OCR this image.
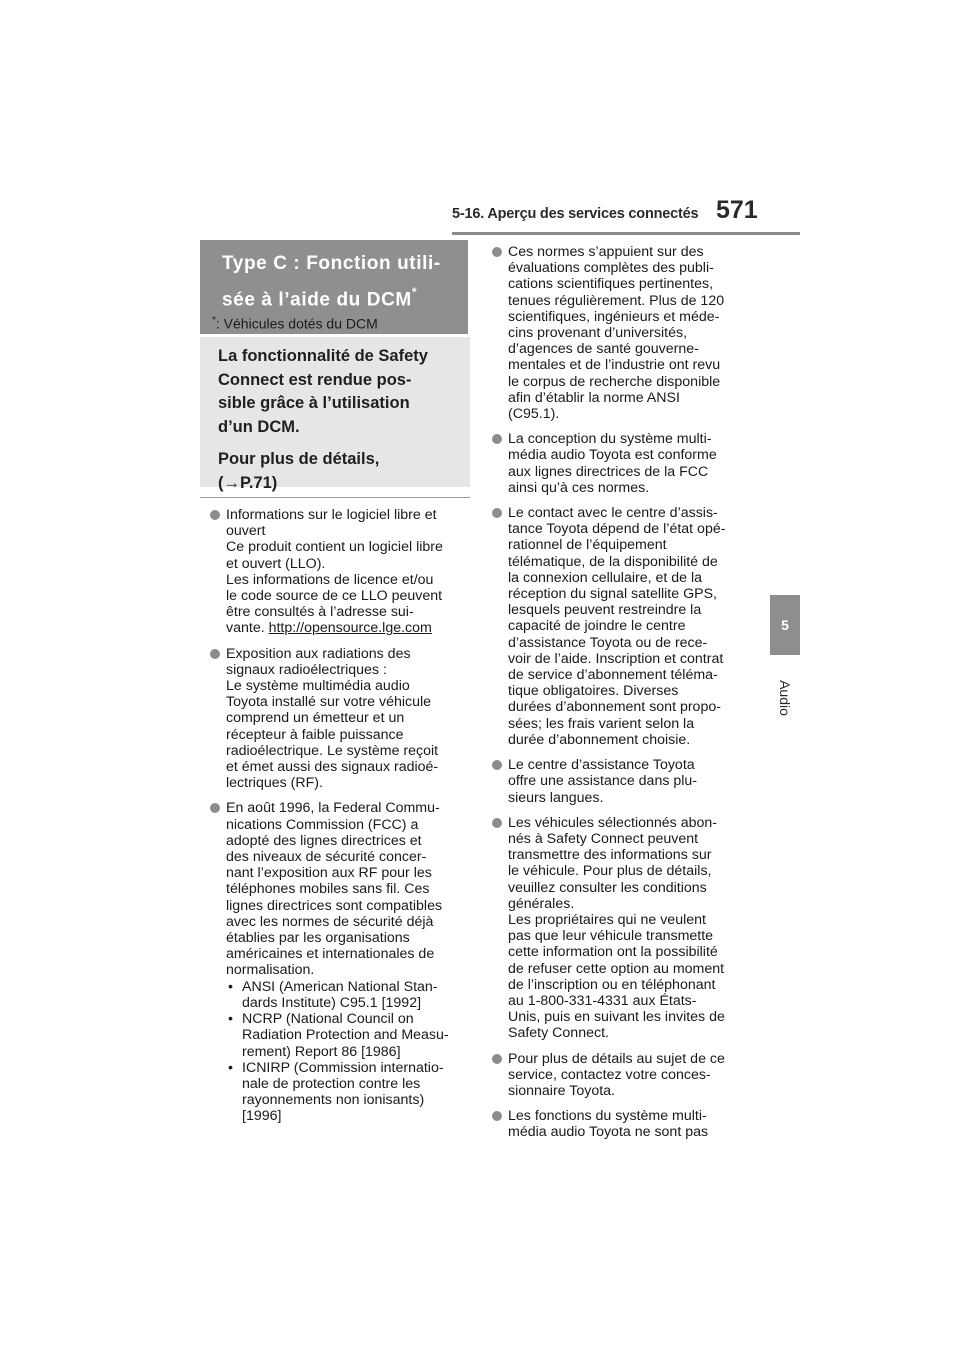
5-16. Aperçu des services connectés 571
5
Audio
Type C : Fonction utili-
sée à l’aide du DCM*
*: Véhicules dotés du DCM

La fonctionnalité de Safety
Connect est rendue pos-
sible grâce à l’utilisation
d’un DCM.

Pour plus de détails,
(→P.71)

Informations sur le logiciel libre et
ouvert
Ce produit contient un logiciel libre
et ouvert (LLO).
Les informations de licence et/ou
le code source de ce LLO peuvent
être consultés à l’adresse sui-
vante. http://opensource.lge.com
Exposition aux radiations des
signaux radioélectriques :
Le système multimédia audio
Toyota installé sur votre véhicule
comprend un émetteur et un
récepteur à faible puissance
radioélectrique. Le système reçoit
et émet aussi des signaux radioé-
lectriques (RF).
En août 1996, la Federal Commu-
nications Commission (FCC) a
adopté des lignes directrices et
des niveaux de sécurité concer-
nant l’exposition aux RF pour les
téléphones mobiles sans fil. Ces
lignes directrices sont compatibles
avec les normes de sécurité déjà
établies par les organisations
américaines et internationales de
normalisation.
• ANSI (American National Stan-
dards Institute) C95.1 [1992]
• NCRP (National Council on
Radiation Protection and Measu-
rement) Report 86 [1986]
• ICNIRP (Commission internatio-
nale de protection contre les
rayonnements non ionisants)
[1996]
Ces normes s’appuient sur des
évaluations complètes des publi-
cations scientifiques pertinentes,
tenues régulièrement. Plus de 120
scientifiques, ingénieurs et méde-
cins provenant d’universités,
d’agences de santé gouverne-
mentales et de l’industrie ont revu
le corpus de recherche disponible
afin d’établir la norme ANSI
(C95.1).
La conception du système multi-
média audio Toyota est conforme
aux lignes directrices de la FCC
ainsi qu’à ces normes.
Le contact avec le centre d’assis-
tance Toyota dépend de l’état opé-
rationnel de l’équipement
télématique, de la disponibilité de
la connexion cellulaire, et de la
réception du signal satellite GPS,
lesquels peuvent restreindre la
capacité de joindre le centre
d’assistance Toyota ou de rece-
voir de l’aide. Inscription et contrat
de service d’abonnement téléma-
tique obligatoires. Diverses
durées d’abonnement sont propo-
sées; les frais varient selon la
durée d’abonnement choisie.
Le centre d’assistance Toyota
offre une assistance dans plu-
sieurs langues.
Les véhicules sélectionnés abon-
nés à Safety Connect peuvent
transmettre des informations sur
le véhicule. Pour plus de détails,
veuillez consulter les conditions
générales.
Les propriétaires qui ne veulent
pas que leur véhicule transmette
cette information ont la possibilité
de refuser cette option au moment
de l’inscription ou en téléphonant
au 1-800-331-4331 aux États-
Unis, puis en suivant les invites de
Safety Connect.
Pour plus de détails au sujet de ce
service, contactez votre conces-
sionnaire Toyota.
Les fonctions du système multi-
média audio Toyota ne sont pas
